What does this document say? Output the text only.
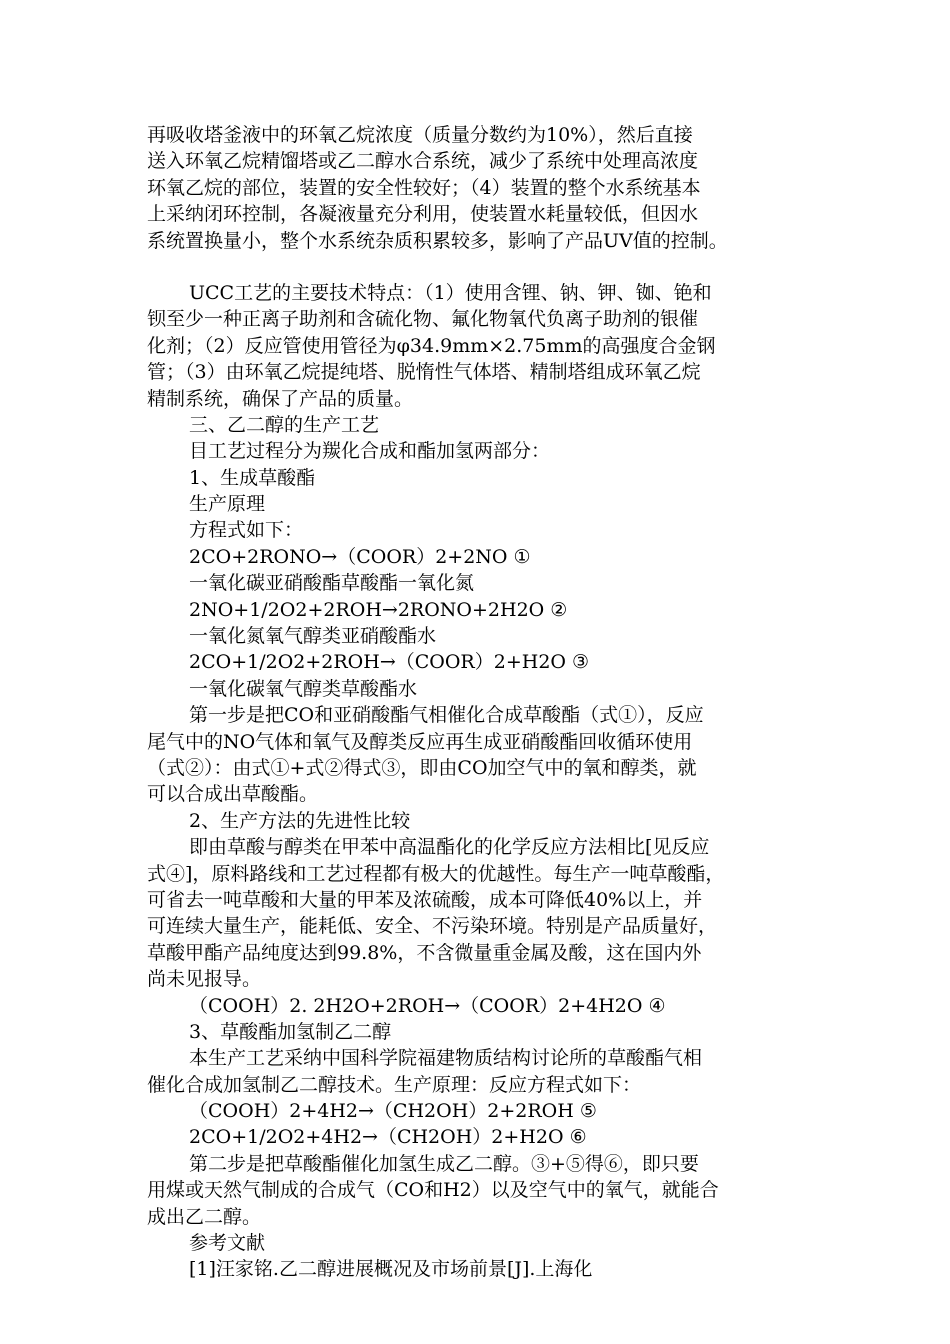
再吸收塔釜液中的环氧乙烷浓度（质量分数约为10%），然后直接
送入环氧乙烷精馏塔或乙二醇水合系统，减少了系统中处理高浓度
环氧乙烷的部位，装置的安全性较好；（4）装置的整个水系统基本
上采纳闭环控制，各凝液量充分利用，使装置水耗量较低，但因水
系统置换量小，整个水系统杂质积累较多，影响了产品UV值的控制。
UCC工艺的主要技术特点：（1）使用含锂、钠、钾、铷、铯和
钡至少一种正离子助剂和含硫化物、氟化物氧代负离子助剂的银催
化剂；（2）反应管使用管径为φ34.9mm×2.75mm的高强度合金钢
管；（3）由环氧乙烷提纯塔、脱惰性气体塔、精制塔组成环氧乙烷
精制系统，确保了产品的质量。
三、乙二醇的生产工艺
目工艺过程分为羰化合成和酯加氢两部分：
1、生成草酸酯
生产原理
方程式如下：
2CO+2RONO→（COOR）2+2NO ①
一氧化碳亚硝酸酯草酸酯一氧化氮
2NO+1/2O2+2ROH→2RONO+2H2O ②
一氧化氮氧气醇类亚硝酸酯水
2CO+1/2O2+2ROH→（COOR）2+H2O ③
一氧化碳氧气醇类草酸酯水
第一步是把CO和亚硝酸酯气相催化合成草酸酯（式①），反应
尾气中的NO气体和氧气及醇类反应再生成亚硝酸酯回收循环使用
（式②）：由式①+式②得式③，即由CO加空气中的氧和醇类，就
可以合成出草酸酯。
2、生产方法的先进性比较
即由草酸与醇类在甲苯中高温酯化的化学反应方法相比[见反应
式④]，原料路线和工艺过程都有极大的优越性。每生产一吨草酸酯，
可省去一吨草酸和大量的甲苯及浓硫酸，成本可降低40%以上，并
可连续大量生产，能耗低、安全、不污染环境。特别是产品质量好，
草酸甲酯产品纯度达到99.8%，不含微量重金属及酸，这在国内外
尚未见报导。
（COOH）2. 2H2O+2ROH→（COOR）2+4H2O ④
3、草酸酯加氢制乙二醇
本生产工艺采纳中国科学院福建物质结构讨论所的草酸酯气相
催化合成加氢制乙二醇技术。生产原理：反应方程式如下：
（COOH）2+4H2→（CH2OH）2+2ROH ⑤
2CO+1/2O2+4H2→（CH2OH）2+H2O ⑥
第二步是把草酸酯催化加氢生成乙二醇。③+⑤得⑥，即只要
用煤或天然气制成的合成气（CO和H2）以及空气中的氧气，就能合
成出乙二醇。
参考文献
[1]汪家铭.乙二醇进展概况及市场前景[J].上海化
